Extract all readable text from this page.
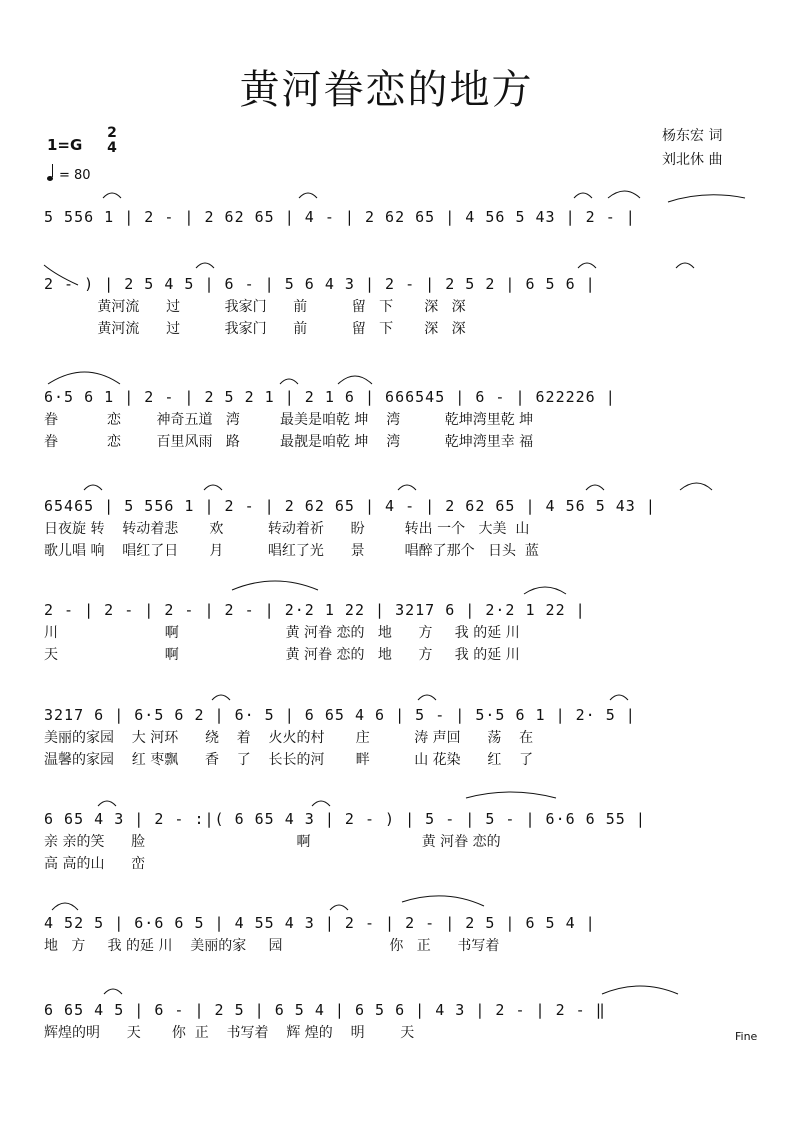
黄河眷恋的地方
1=G
2
4
= 80
杨东宏 词
刘北休 曲
5 556 1 | 2 - | 2 62 65 | 4 - | 2 62 65 | 4 56 5 43 | 2 - |
2 - ) | 2 5 4 5 | 6 - | 5 6 4 3 | 2 - | 2 5 2 | 6 5 6 |
黄河流      过          我家门      前          留   下       深   深
黄河流      过          我家门      前          留   下       深   深
6·5 6 1 | 2 - | 2 5 2 1 | 2 1 6 | 666545 | 6 - | 622226 |
眷           恋        神奇五道   湾         最美是咱乾 坤    湾          乾坤湾里乾 坤
眷           恋        百里风雨   路         最靓是咱乾 坤    湾          乾坤湾里幸 福
65465 | 5 556 1 | 2 - | 2 62 65 | 4 - | 2 62 65 | 4 56 5 43 |
日夜旋 转    转动着悲       欢          转动着祈      盼         转出 一个   大美  山
歌儿唱 响    唱红了日       月          唱红了光      景         唱醉了那个   日头  蓝
2 - | 2 - | 2 - | 2 - | 2·2 1 22 | 3217 6 | 2·2 1 22 |
川                        啊                        黄 河眷 恋的   地      方     我 的延 川
天                        啊                        黄 河眷 恋的   地      方     我 的延 川
3217 6 | 6·5 6 2 | 6· 5 | 6 65 4 6 | 5 - | 5·5 6 1 | 2· 5 |
美丽的家园    大 河环      绕    着    火火的村       庄          涛 声回      荡    在
温馨的家园    红 枣飘      香    了    长长的河       畔          山 花染      红    了
6 65 4 3 | 2 - :|( 6 65 4 3 | 2 - ) | 5 - | 5 - | 6·6 6 55 |
亲 亲的笑      脸                                  啊                         黄 河眷 恋的
高 高的山      峦
4 52 5 | 6·6 6 5 | 4 55 4 3 | 2 - | 2 - | 2 5 | 6 5 4 |
地   方     我 的延 川    美丽的家     园                        你   正      书写着
6 65 4 5 | 6 - | 2 5 | 6 5 4 | 6 5 6 | 4 3 | 2 - | 2 - ‖
辉煌的明      天       你  正    书写着    辉 煌的    明        天	Fine
